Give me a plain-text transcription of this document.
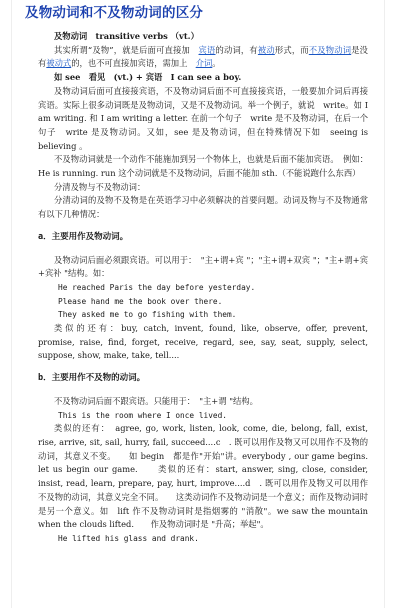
及物动词和不及物动词的区分

及物动词　transitive verbs （vt.）

其实所谓“及物”，就是后面可直接加　宾语的动词，有被动形式，而不及物动词是没有被动式的，也不可直接加宾语，需加上　介词。

如 see　看见　(vt.) + 宾语　I can see a boy.

及物动词后面可直接接宾语，不及物动词后面不可直接接宾语，一般要加介词后再接宾语。实际上很多动词既是及物动词，又是不及物动词。举一个例子，就说　write。如 I am writing. 和 I am writing a letter. 在前一个句子　write 是不及物动词，在后一个句子　write 是及物动词。又如，see 是及物动词，但在特殊情况下如　seeing is believing 。

不及物动词就是一个动作不能施加到另一个物体上，也就是后面不能加宾语。　例如：He is running. run 这个动词就是不及物动词，后面不能加 sth.（不能说跑什么东西）

分清及物与不及物动词：

分清动词的及物不及物是在英语学习中必须解决的首要问题。动词及物与不及物通常有以下几种情况：

a．主要用作及物动词。

及物动词后面必须跟宾语。可以用于：　"主+谓+宾 "；"主+谓+双宾 "；"主+谓+宾+宾补 "结构。如：

He reached Paris the day before yesterday.

Please hand me the book over there.

They asked me to go fishing with them.

类似的还有：buy, catch, invent, found, like, observe, offer, prevent, promise, raise, find, forget, receive, regard, see, say, seat, supply, select, suppose, show, make, take, tell....

b．主要用作不及物的动词。

不及物动词后面不跟宾语。只能用于：　"主+谓 "结构。

This is the room where I once lived.

类似的还有：　agree, go, work, listen, look, come, die, belong, fall, exist, rise, arrive, sit, sail, hurry, fail, succeed....c　. 既可以用作及物又可以用作不及物的动词，其意义不变。　　如 begin　都是作"开始"讲。everybody , our game begins. let us begin our game.　　类似的还有：start, answer, sing, close, consider, insist, read, learn, prepare, pay, hurt, improve....d　. 既可以用作及物又可以用作不及物的动词，其意义完全不同。　　这类动词作不及物动词是一个意义；而作及物动词时是另一个意义。如　lift 作不及物动词时是指烟雾的 "消散"。we saw the mountain when the clouds lifted.　　作及物动词时是 "升高；举起"。

He lifted his glass and drank.
